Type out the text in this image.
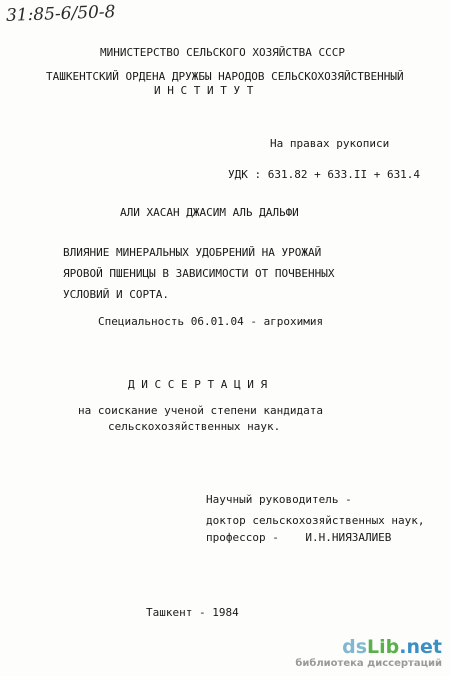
31:85-6/50-8
МИНИСТЕРСТВО СЕЛЬСКОГО ХОЗЯЙСТВА СССР
ТАШКЕНТСКИЙ ОРДЕНА ДРУЖБЫ НАРОДОВ СЕЛЬСКОХОЗЯЙСТВЕННЫЙ
И Н С Т И Т У Т
На правах рукописи
УДК : 631.82 + 633.II + 631.4
АЛИ ХАСАН ДЖАСИМ АЛЬ ДАЛЬФИ
ВЛИЯНИЕ МИНЕРАЛЬНЫХ УДОБРЕНИЙ НА УРОЖАЙ
ЯРОВОЙ ПШЕНИЦЫ В ЗАВИСИМОСТИ ОТ ПОЧВЕННЫХ
УСЛОВИЙ И СОРТА.
Специальность 06.01.04 - агрохимия
Д И С С Е Р Т А Ц И Я
на соискание ученой степени кандидата
сельскохозяйственных наук.
Научный руководитель -
доктор сельскохозяйственных наук,
профессор -    И.Н.НИЯЗАЛИЕВ
Ташкент - 1984
dsLib.net
библиотека диссертаций
